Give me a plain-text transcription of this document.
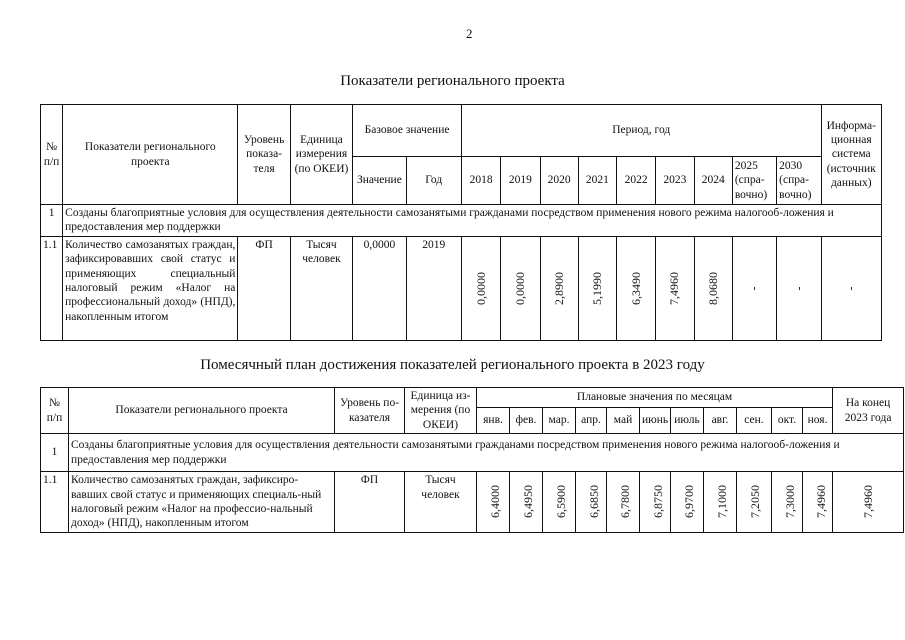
2
Показатели регионального проекта
№ п/п	Показатели регионального проекта	Уровень показа-теля	Единица измерения (по ОКЕИ)	Базовое значение		Период, год									Информа-ционная система (источник данных)
				Значение	Год	2018	2019	2020	2021	2022	2023	2024	2025 (спра-вочно)	2030 (спра-вочно)	
1	Созданы благоприятные условия для осуществления деятельности самозанятыми гражданами посредством применения нового режима налогооб-ложения и предоставления мер поддержки														
1.1	Количество самозанятых граждан, зафиксировавших свой статус и применяющих специальный налоговый режим «Налог на профессиональный доход» (НПД), накопленным итогом	ФП	Тысяч человек	0,0000	2019	0,0000	0,0000	2,8900	5,1990	6,3490	7,4960	8,0680	-	-	-
Помесячный план достижения показателей регионального проекта в 2023 году
№ п/п	Показатели регионального проекта	Уровень по-казателя	Единица из-мерения (по ОКЕИ)	Плановые значения по месяцам											На конец 2023 года
				янв.	фев.	мар.	апр.	май	июнь	июль	авг.	сен.	окт.	ноя.	
1	Созданы благоприятные условия для осуществления деятельности самозанятыми гражданами посредством применения нового режима налогооб-ложения и предоставления мер поддержки														
1.1	Количество самозанятых граждан, зафиксиро-вавших свой статус и применяющих специаль-ный налоговый режим «Налог на профессио-нальный доход» (НПД), накопленным итогом	ФП	Тысяч человек	6,4000	6,4950	6,5900	6,6850	6,7800	6,8750	6,9700	7,1000	7,2050	7,3000	7,4960	7,4960
